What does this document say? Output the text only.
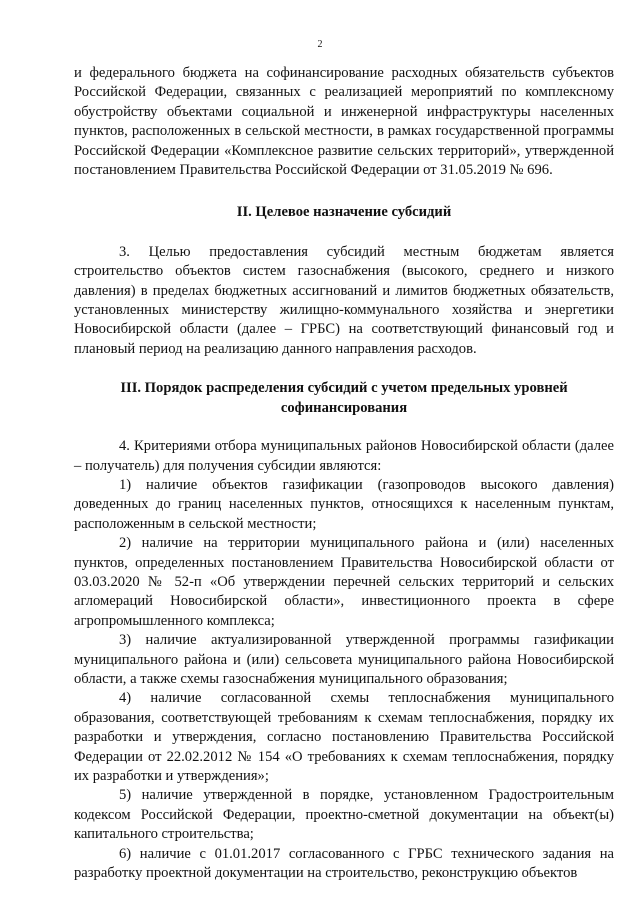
2

и федерального бюджета на софинансирование расходных обязательств субъектов Российской Федерации, связанных с реализацией мероприятий по комплексному обустройству объектами социальной и инженерной инфраструктуры населенных пунктов, расположенных в сельской местности, в рамках государственной программы Российской Федерации «Комплексное развитие сельских территорий», утвержденной постановлением Правительства Российской Федерации от 31.05.2019 № 696.

II. Целевое назначение субсидий

3. Целью предоставления субсидий местным бюджетам является строительство объектов систем газоснабжения (высокого, среднего и низкого давления) в пределах бюджетных ассигнований и лимитов бюджетных обязательств, установленных министерству жилищно-коммунального хозяйства и энергетики Новосибирской области (далее – ГРБС) на соответствующий финансовый год и плановый период на реализацию данного направления расходов.

III. Порядок распределения субсидий с учетом предельных уровней
софинансирования

4. Критериями отбора муниципальных районов Новосибирской области (далее – получатель) для получения субсидии являются:

1) наличие объектов газификации (газопроводов высокого давления) доведенных до границ населенных пунктов, относящихся к населенным пунктам, расположенным в сельской местности;

2) наличие на территории муниципального района и (или) населенных пунктов, определенных постановлением Правительства Новосибирской области от 03.03.2020 № 52-п «Об утверждении перечней сельских территорий и сельских агломераций Новосибирской области», инвестиционного проекта в сфере агропромышленного комплекса;

3) наличие актуализированной утвержденной программы газификации муниципального района и (или) сельсовета муниципального района Новосибирской области, а также схемы газоснабжения муниципального образования;

4) наличие согласованной схемы теплоснабжения муниципального образования, соответствующей требованиям к схемам теплоснабжения, порядку их разработки и утверждения, согласно постановлению Правительства Российской Федерации от 22.02.2012 № 154 «О требованиях к схемам теплоснабжения, порядку их разработки и утверждения»;

5) наличие утвержденной в порядке, установленном Градостроительным кодексом Российской Федерации, проектно-сметной документации на объект(ы) капитального строительства;

6) наличие с 01.01.2017 согласованного с ГРБС технического задания на разработку проектной документации на строительство, реконструкцию объектов
